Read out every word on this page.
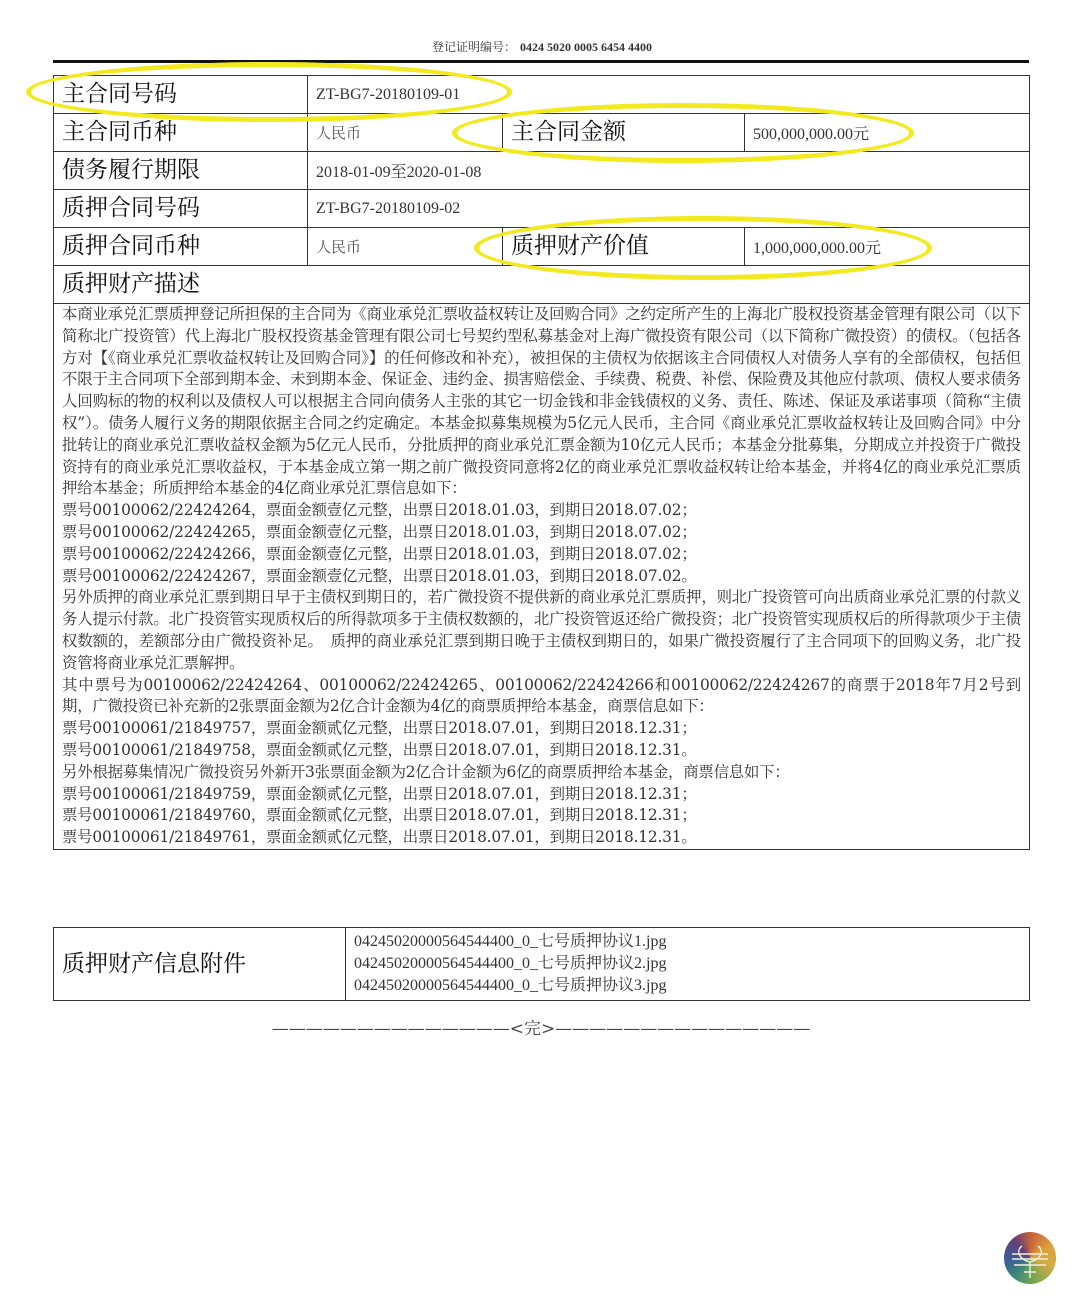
登记证明编号： 0424 5020 0005 6454 4400
主合同号码	ZT-BG7-20180109-01		
主合同币种	人民币	主合同金额	500,000,000.00元
债务履行期限	2018-01-09至2020-01-08		
质押合同号码	ZT-BG7-20180109-02		
质押合同币种	人民币	质押财产价值	1,000,000,000.00元
质押财产描述			

本商业承兑汇票质押登记所担保的主合同为《商业承兑汇票收益权转让及回购合同》之约定所产生的上海北广股权投资基金管理有限公司（以下简称北广投资管）代上海北广股权投资基金管理有限公司七号契约型私募基金对上海广微投资有限公司（以下简称广微投资）的债权。（包括各方对【《商业承兑汇票收益权转让及回购合同》】的任何修改和补充），被担保的主债权为依据该主合同债权人对债务人享有的全部债权，包括但不限于主合同项下全部到期本金、未到期本金、保证金、违约金、损害赔偿金、手续费、税费、补偿、保险费及其他应付款项、债权人要求债务人回购标的物的权利以及债权人可以根据主合同向债务人主张的其它一切金钱和非金钱债权的义务、责任、陈述、保证及承诺事项（简称“主债权”）。债务人履行义务的期限依据主合同之约定确定。本基金拟募集规模为5亿元人民币，主合同《商业承兑汇票收益权转让及回购合同》中分批转让的商业承兑汇票收益权金额为5亿元人民币，分批质押的商业承兑汇票金额为10亿元人民币；本基金分批募集，分期成立并投资于广微投资持有的商业承兑汇票收益权，于本基金成立第一期之前广微投资同意将2亿的商业承兑汇票收益权转让给本基金，并将4亿的商业承兑汇票质押给本基金；所质押给本基金的4亿商业承兑汇票信息如下：

票号00100062/22424264，票面金额壹亿元整，出票日2018.01.03，到期日2018.07.02；

票号00100062/22424265，票面金额壹亿元整，出票日2018.01.03，到期日2018.07.02；

票号00100062/22424266，票面金额壹亿元整，出票日2018.01.03，到期日2018.07.02；

票号00100062/22424267，票面金额壹亿元整，出票日2018.01.03，到期日2018.07.02。

另外质押的商业承兑汇票到期日早于主债权到期日的，若广微投资不提供新的商业承兑汇票质押，则北广投资管可向出质商业承兑汇票的付款义务人提示付款。北广投资管实现质权后的所得款项多于主债权数额的，北广投资管返还给广微投资；北广投资管实现质权后的所得款项少于主债权数额的，差额部分由广微投资补足。　质押的商业承兑汇票到期日晚于主债权到期日的，如果广微投资履行了主合同项下的回购义务，北广投资管将商业承兑汇票解押。

其中票号为00100062/22424264、00100062/22424265、00100062/22424266和00100062/22424267的商票于2018年7月2号到期，广微投资已补充新的2张票面金额为2亿合计金额为4亿的商票质押给本基金，商票信息如下：

票号00100061/21849757，票面金额贰亿元整，出票日2018.07.01，到期日2018.12.31；

票号00100061/21849758，票面金额贰亿元整，出票日2018.07.01，到期日2018.12.31。

另外根据募集情况广微投资另外新开3张票面金额为2亿合计金额为6亿的商票质押给本基金，商票信息如下：

票号00100061/21849759，票面金额贰亿元整，出票日2018.07.01，到期日2018.12.31；

票号00100061/21849760，票面金额贰亿元整，出票日2018.07.01，到期日2018.12.31；

票号00100061/21849761，票面金额贰亿元整，出票日2018.07.01，到期日2018.12.31。

质押财产信息附件	
04245020000564544400_0_七号质押协议1.jpg
04245020000564544400_0_七号质押协议2.jpg
04245020000564544400_0_七号质押协议3.jpg
——————————————<完>———————————————
